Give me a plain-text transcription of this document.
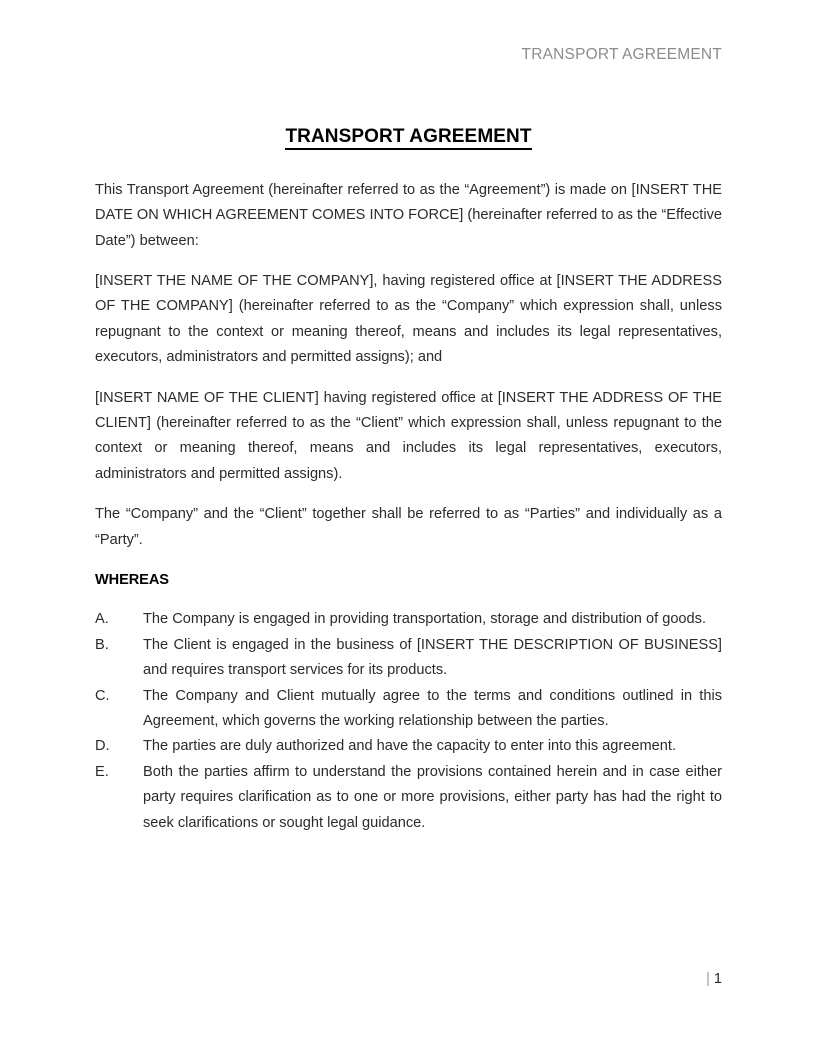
TRANSPORT AGREEMENT
TRANSPORT AGREEMENT

This Transport Agreement (hereinafter referred to as the “Agreement”) is made on [INSERT THE DATE ON WHICH AGREEMENT COMES INTO FORCE] (hereinafter referred to as the “Effective Date”) between:

[INSERT THE NAME OF THE COMPANY], having registered office at [INSERT THE ADDRESS OF THE COMPANY] (hereinafter referred to as the “Company” which expression shall, unless repugnant to the context or meaning thereof, means and includes its legal representatives, executors, administrators and permitted assigns); and

[INSERT NAME OF THE CLIENT] having registered office at [INSERT THE ADDRESS OF THE CLIENT] (hereinafter referred to as the “Client” which expression shall, unless repugnant to the context or meaning thereof, means and includes its legal representatives, executors, administrators and permitted assigns).

The “Company” and the “Client” together shall be referred to as “Parties” and individually as a “Party”.

WHEREAS
A.	The Company is engaged in providing transportation, storage and distribution of goods.
B.	The Client is engaged in the business of [INSERT THE DESCRIPTION OF BUSINESS] and requires transport services for its products.
C.	The Company and Client mutually agree to the terms and conditions outlined in this Agreement, which governs the working relationship between the parties.
D.	The parties are duly authorized and have the capacity to enter into this agreement.
E.	Both the parties affirm to understand the provisions contained herein and in case either party requires clarification as to one or more provisions, either party has had the right to seek clarifications or sought legal guidance.
| 1
